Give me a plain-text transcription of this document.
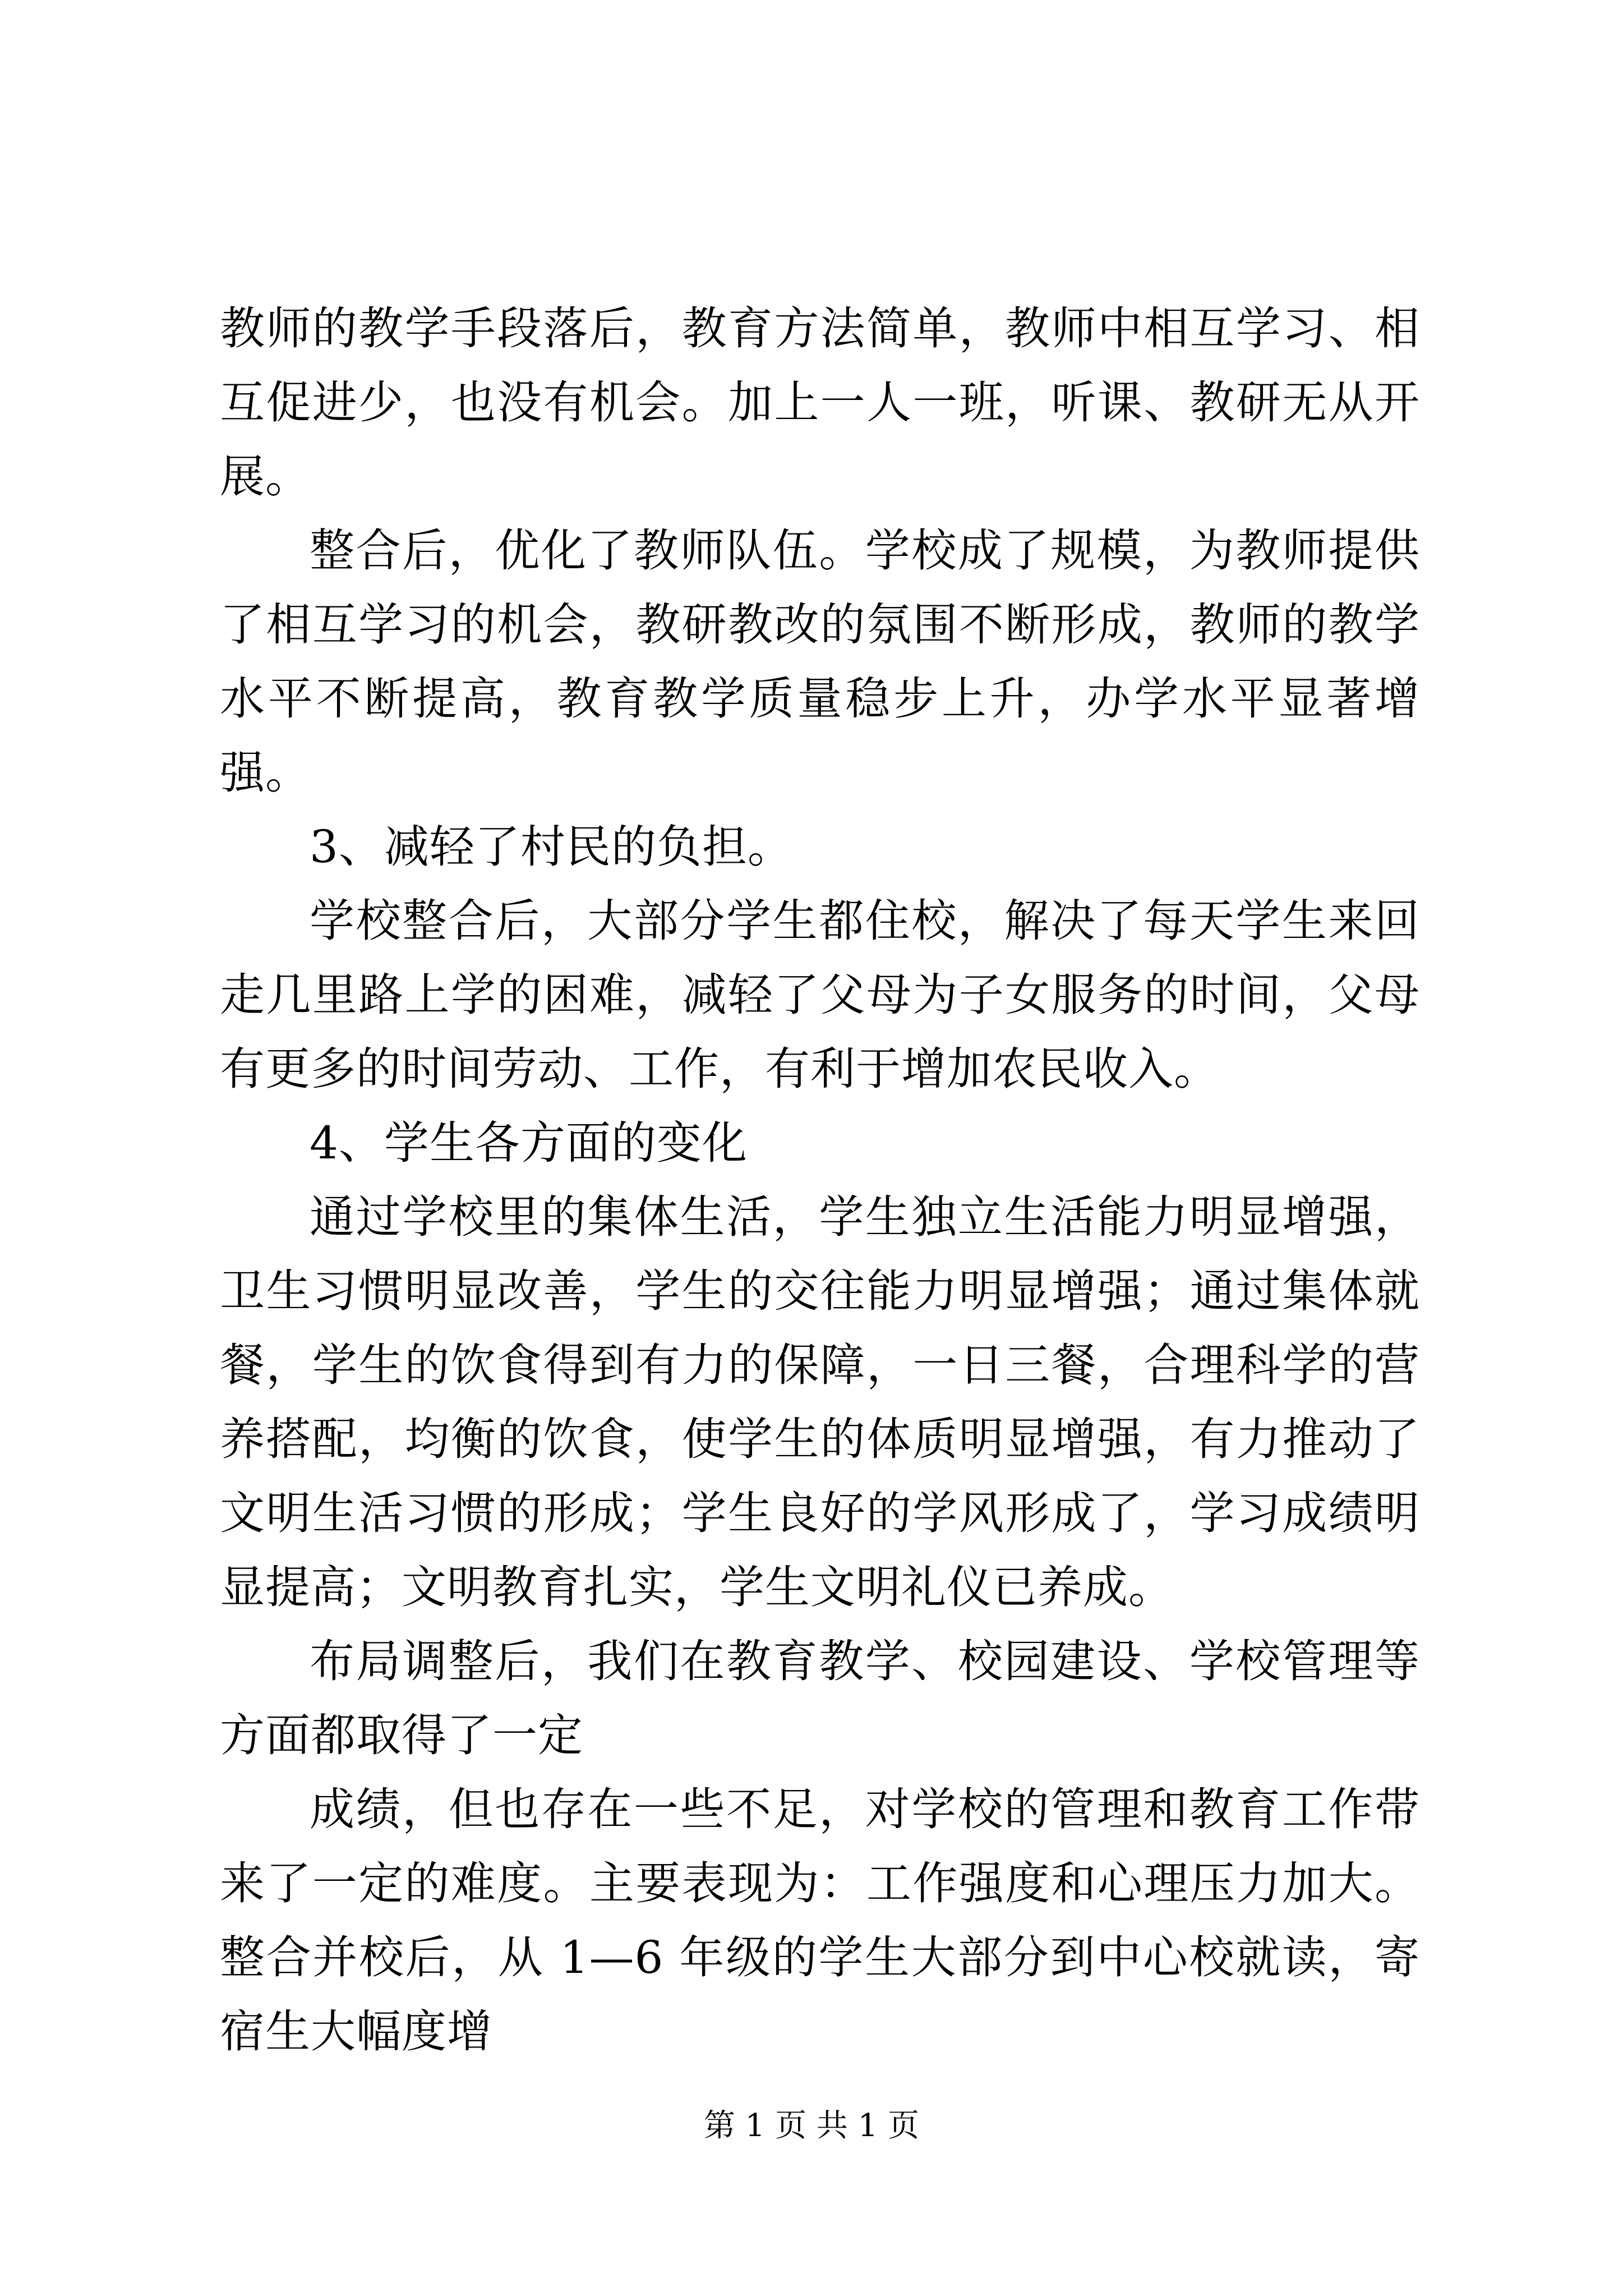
教师的教学手段落后，教育方法简单，教师中相互学习、相互促进少，也没有机会。加上一人一班，听课、教研无从开展。

整合后，优化了教师队伍。学校成了规模，为教师提供了相互学习的机会，教研教改的氛围不断形成，教师的教学水平不断提高，教育教学质量稳步上升，办学水平显著增强。

3、减轻了村民的负担。

学校整合后，大部分学生都住校，解决了每天学生来回走几里路上学的困难，减轻了父母为子女服务的时间，父母有更多的时间劳动、工作，有利于增加农民收入。

4、学生各方面的变化

通过学校里的集体生活，学生独立生活能力明显增强，卫生习惯明显改善，学生的交往能力明显增强；通过集体就餐，学生的饮食得到有力的保障，一日三餐，合理科学的营养搭配，均衡的饮食，使学生的体质明显增强，有力推动了文明生活习惯的形成；学生良好的学风形成了，学习成绩明显提高；文明教育扎实，学生文明礼仪已养成。

布局调整后，我们在教育教学、校园建设、学校管理等方面都取得了一定

成绩，但也存在一些不足，对学校的管理和教育工作带来了一定的难度。主要表现为：工作强度和心理压力加大。整合并校后，从 1—6 年级的学生大部分到中心校就读，寄宿生大幅度增

第 1 页 共 1 页
